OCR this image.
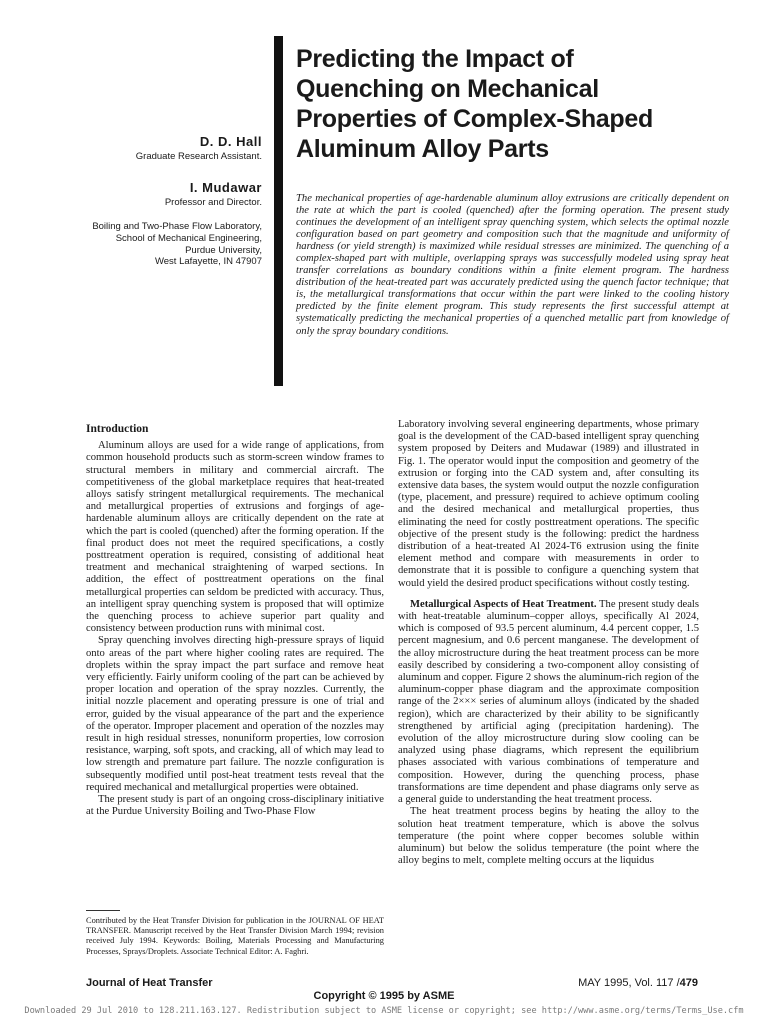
D. D. Hall

Graduate Research Assistant.

I. Mudawar

Professor and Director.

Boiling and Two-Phase Flow Laboratory,
School of Mechanical Engineering,
Purdue University,
West Lafayette, IN 47907
Predicting the Impact of
Quenching on Mechanical
Properties of Complex-Shaped
Aluminum Alloy Parts
The mechanical properties of age-hardenable aluminum alloy extrusions are critically dependent on the rate at which the part is cooled (quenched) after the forming operation. The present study continues the development of an intelligent spray quenching system, which selects the optimal nozzle configuration based on part geometry and composition such that the magnitude and uniformity of hardness (or yield strength) is maximized while residual stresses are minimized. The quenching of a complex-shaped part with multiple, overlapping sprays was successfully modeled using spray heat transfer correlations as boundary conditions within a finite element program. The hardness distribution of the heat-treated part was accurately predicted using the quench factor technique; that is, the metallurgical transformations that occur within the part were linked to the cooling history predicted by the finite element program. This study represents the first successful attempt at systematically predicting the mechanical properties of a quenched metallic part from knowledge of only the spray boundary conditions.
Introduction

Aluminum alloys are used for a wide range of applications, from common household products such as storm-screen window frames to structural members in military and commercial aircraft. The competitiveness of the global marketplace requires that heat-treated alloys satisfy stringent metallurgical requirements. The mechanical and metallurgical properties of extrusions and forgings of age-hardenable aluminum alloys are critically dependent on the rate at which the part is cooled (quenched) after the forming operation. If the final product does not meet the required specifications, a costly posttreatment operation is required, consisting of additional heat treatment and mechanical straightening of warped sections. In addition, the effect of posttreatment operations on the final metallurgical properties can seldom be predicted with accuracy. Thus, an intelligent spray quenching system is proposed that will optimize the quenching process to achieve superior part quality and consistency between production runs with minimal cost.

Spray quenching involves directing high-pressure sprays of liquid onto areas of the part where higher cooling rates are required. The droplets within the spray impact the part surface and remove heat very efficiently. Fairly uniform cooling of the part can be achieved by proper location and operation of the spray nozzles. Currently, the initial nozzle placement and operating pressure is one of trial and error, guided by the visual appearance of the part and the experience of the operator. Improper placement and operation of the nozzles may result in high residual stresses, nonuniform properties, low corrosion resistance, warping, soft spots, and cracking, all of which may lead to low strength and premature part failure. The nozzle configuration is subsequently modified until post-heat treatment tests reveal that the required mechanical and metallurgical properties were obtained.

The present study is part of an ongoing cross-disciplinary initiative at the Purdue University Boiling and Two-Phase Flow

Laboratory involving several engineering departments, whose primary goal is the development of the CAD-based intelligent spray quenching system proposed by Deiters and Mudawar (1989) and illustrated in Fig. 1. The operator would input the composition and geometry of the extrusion or forging into the CAD system and, after consulting its extensive data bases, the system would output the nozzle configuration (type, placement, and pressure) required to achieve optimum cooling and the desired mechanical and metallurgical properties, thus eliminating the need for costly posttreatment operations. The specific objective of the present study is the following: predict the hardness distribution of a heat-treated Al 2024-T6 extrusion using the finite element method and compare with measurements in order to demonstrate that it is possible to configure a quenching system that would yield the desired product specifications without costly testing.

Metallurgical Aspects of Heat Treatment. The present study deals with heat-treatable aluminum–copper alloys, specifically Al 2024, which is composed of 93.5 percent aluminum, 4.4 percent copper, 1.5 percent magnesium, and 0.6 percent manganese. The development of the alloy microstructure during the heat treatment process can be more easily described by considering a two-component alloy consisting of aluminum and copper. Figure 2 shows the aluminum-rich region of the aluminum-copper phase diagram and the approximate composition range of the 2××× series of aluminum alloys (indicated by the shaded region), which are characterized by their ability to be significantly strengthened by artificial aging (precipitation hardening). The evolution of the alloy microstructure during slow cooling can be analyzed using phase diagrams, which represent the equilibrium phases associated with various combinations of temperature and composition. However, during the quenching process, phase transformations are time dependent and phase diagrams only serve as a general guide to understanding the heat treatment process.

The heat treatment process begins by heating the alloy to the solution heat treatment temperature, which is above the solvus temperature (the point where copper becomes soluble within aluminum) but below the solidus temperature (the point where the alloy begins to melt, complete melting occurs at the liquidus

Contributed by the Heat Transfer Division for publication in the JOURNAL OF HEAT TRANSFER. Manuscript received by the Heat Transfer Division March 1994; revision received July 1994. Keywords: Boiling, Materials Processing and Manufacturing Processes, Sprays/Droplets. Associate Technical Editor: A. Faghri.
Journal of Heat Transfer	MAY 1995, Vol. 117 /479
Copyright © 1995 by ASME
Downloaded 29 Jul 2010 to 128.211.163.127. Redistribution subject to ASME license or copyright; see http://www.asme.org/terms/Terms_Use.cfm
